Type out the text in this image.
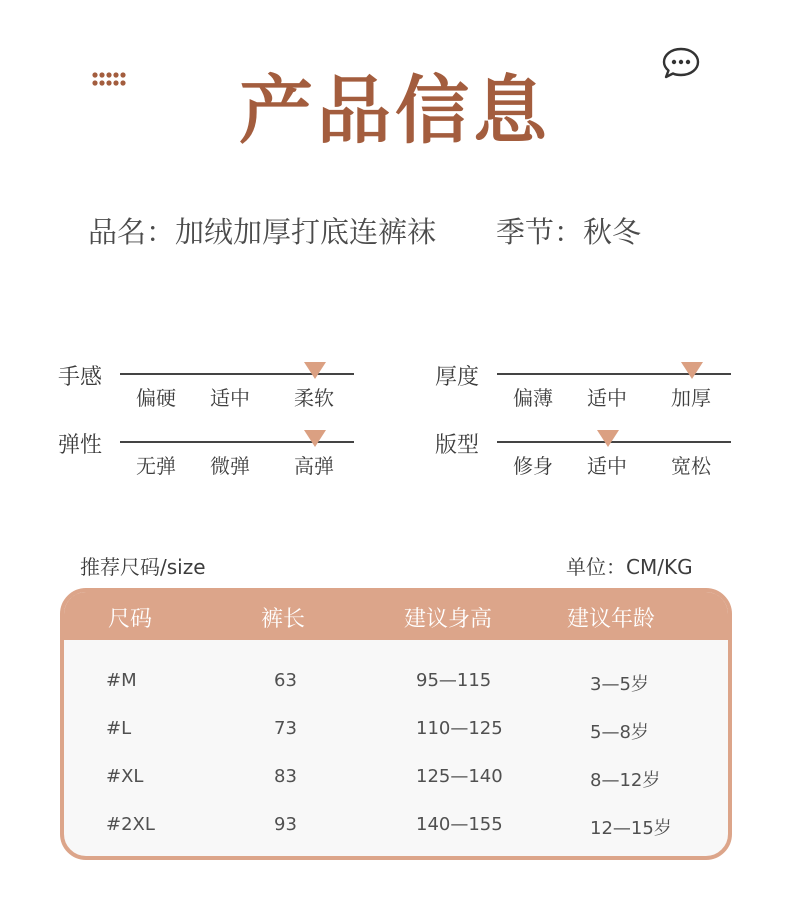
产品信息
品名：加绒加厚打底连裤袜 季节：秋冬
手感
偏硬 适中 柔软
厚度
偏薄 适中 加厚
弹性
无弹 微弹 高弹
版型
修身 适中 宽松
推荐尺码/size	单位：CM/KG
尺码	裤长	建议身高	建议年龄
#M	63	95—115	3—5岁
#L	73	110—125	5—8岁
#XL	83	125—140	8—12岁
#2XL	93	140—155	12—15岁
